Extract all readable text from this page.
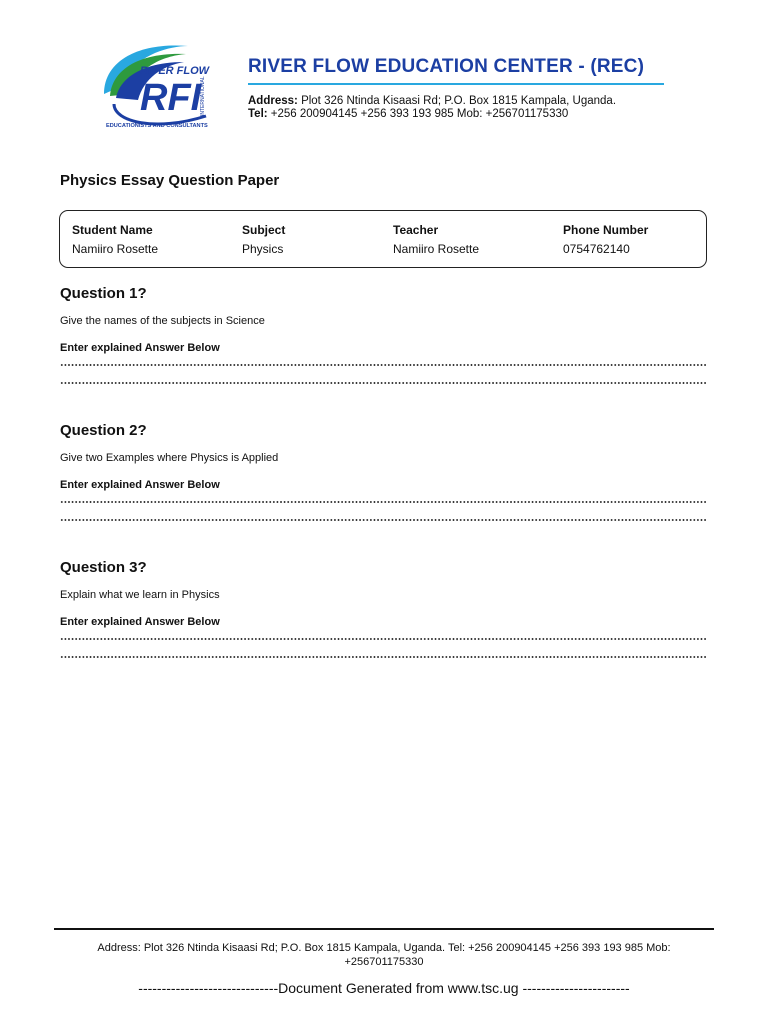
RIVER FLOW
RFI
INTERNATIONAL
EDUCATIONISTS AND CONSULTANTS
RIVER FLOW EDUCATION CENTER - (REC)
Address: Plot 326 Ntinda Kisaasi Rd; P.O. Box 1815 Kampala, Uganda.
Tel: +256 200904145 +256 393 193 985 Mob: +256701175330
Physics Essay Question Paper
Student Name
Namiiro Rosette
Subject
Physics
Teacher
Namiiro Rosette
Phone Number
0754762140
Question 1?
Give the names of the subjects in Science
Enter explained Answer Below
Question 2?
Give two Examples where Physics is Applied
Enter explained Answer Below
Question 3?
Explain what we learn in Physics
Enter explained Answer Below
Address: Plot 326 Ntinda Kisaasi Rd; P.O. Box 1815 Kampala, Uganda. Tel: +256 200904145 +256 393 193 985 Mob: +256701175330
------------------------------Document Generated from www.tsc.ug -----------------------
